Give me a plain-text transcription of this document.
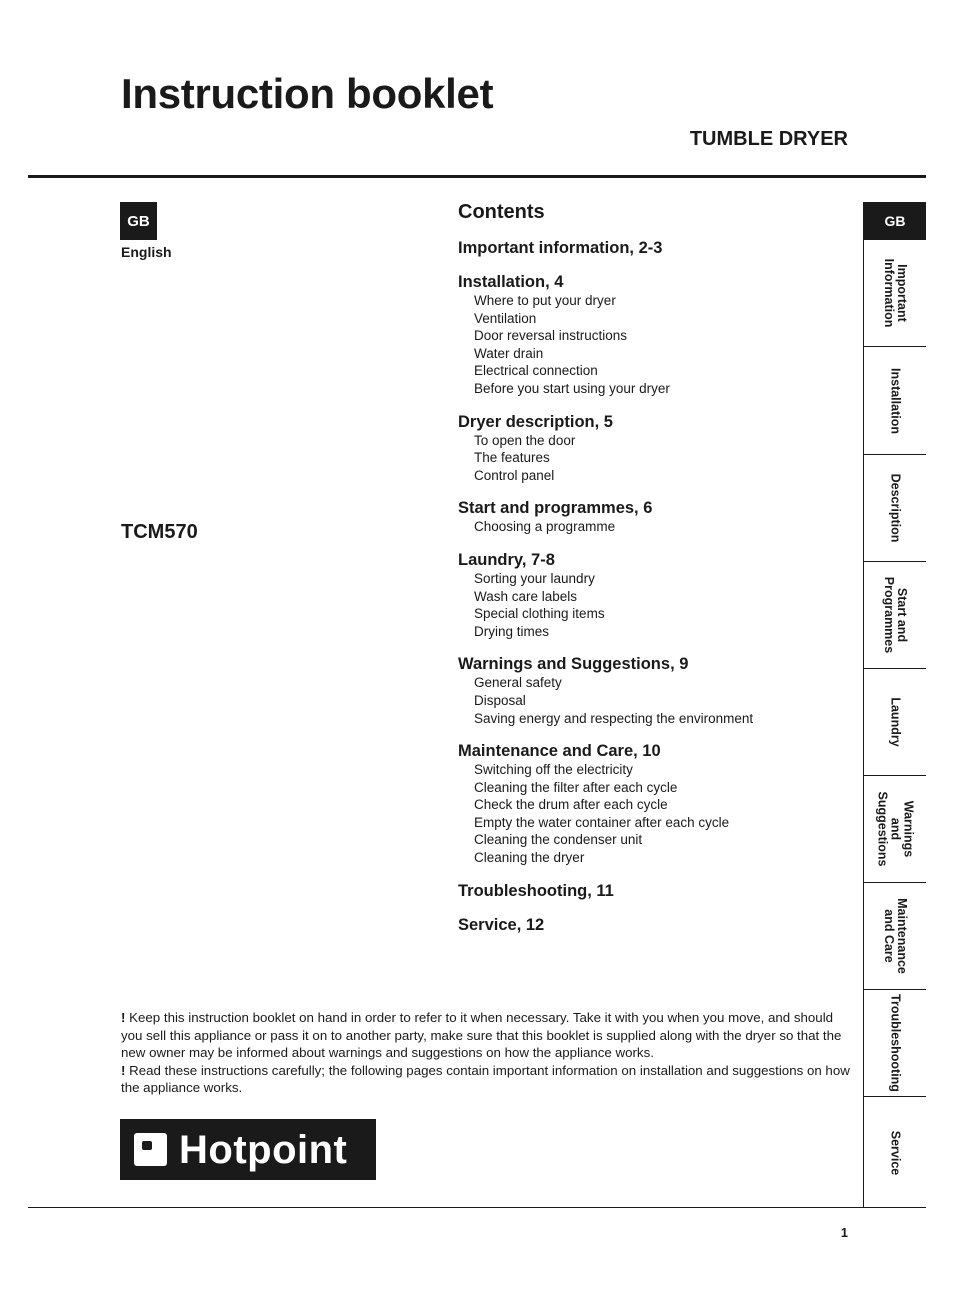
Instruction booklet
TUMBLE DRYER
GB
English
TCM570
Contents
Important information, 2-3
Installation, 4
Where to put your dryer
Ventilation
Door reversal instructions
Water drain
Electrical connection
Before you start using your dryer
Dryer description, 5
To open the door
The features
Control panel
Start and programmes, 6
Choosing a programme
Laundry, 7-8
Sorting your laundry
Wash care labels
Special clothing items
Drying times
Warnings and Suggestions, 9
General safety
Disposal
Saving energy and respecting the environment
Maintenance and Care, 10
Switching off the electricity
Cleaning the filter after each cycle
Check the drum after each cycle
Empty the water container after each cycle
Cleaning the condenser unit
Cleaning the dryer
Troubleshooting, 11
Service, 12
! Keep this instruction booklet on hand in order to refer to it when necessary. Take it with you when you move, and should you sell this appliance or pass it on to another party, make sure that this booklet is supplied along with the dryer so that the new owner may be informed about warnings and suggestions on how the appliance works.
! Read these instructions carefully; the following pages contain important information on installation and suggestions on how the appliance works.
Hotpoint
GB
Important
Information
Installation
Description
Start and
Programmes
Laundry
Warnings and
Suggestions
Maintenance
and Care
Troubleshooting
Service
1
